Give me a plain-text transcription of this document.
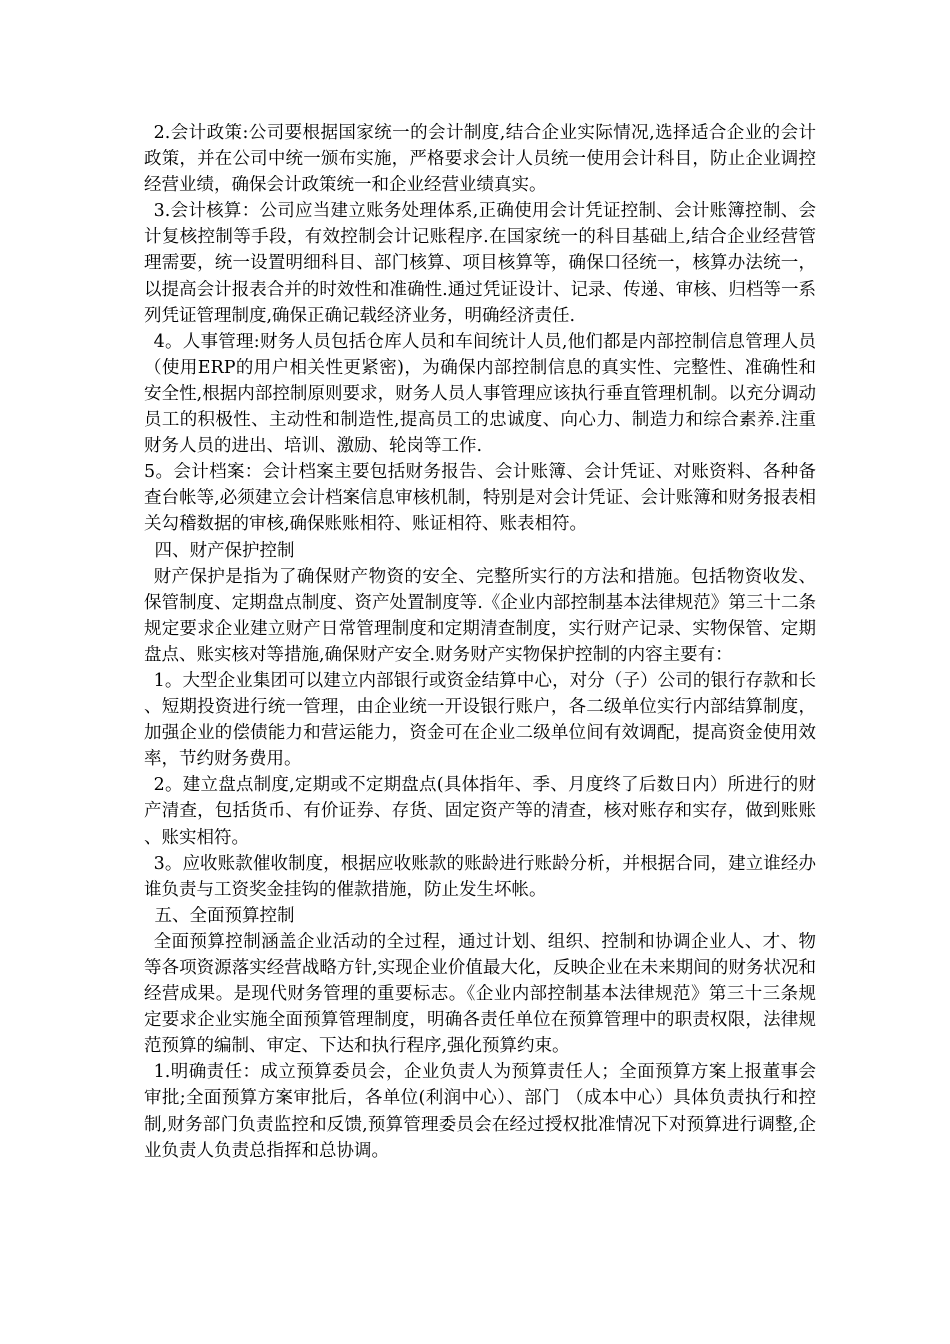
2.会计政策:公司要根据国家统一的会计制度,结合企业实际情况,选择适合企业的会计政策，并在公司中统一颁布实施，严格要求会计人员统一使用会计科目，防止企业调控经营业绩，确保会计政策统一和企业经营业绩真实。

3.会计核算：公司应当建立账务处理体系,正确使用会计凭证控制、会计账簿控制、会计复核控制等手段，有效控制会计记账程序.在国家统一的科目基础上,结合企业经营管理需要，统一设置明细科目、部门核算、项目核算等，确保口径统一，核算办法统一，以提高会计报表合并的时效性和准确性.通过凭证设计、记录、传递、审核、归档等一系列凭证管理制度,确保正确记载经济业务，明确经济责任.

4。人事管理:财务人员包括仓库人员和车间统计人员,他们都是内部控制信息管理人员（使用ERP的用户相关性更紧密)，为确保内部控制信息的真实性、完整性、准确性和安全性,根据内部控制原则要求，财务人员人事管理应该执行垂直管理机制。以充分调动员工的积极性、主动性和制造性,提高员工的忠诚度、向心力、制造力和综合素养.注重财务人员的进出、培训、激励、轮岗等工作.

5。会计档案：会计档案主要包括财务报告、会计账簿、会计凭证、对账资料、各种备查台帐等,必须建立会计档案信息审核机制，特别是对会计凭证、会计账簿和财务报表相关勾稽数据的审核,确保账账相符、账证相符、账表相符。

四、财产保护控制

财产保护是指为了确保财产物资的安全、完整所实行的方法和措施。包括物资收发、保管制度、定期盘点制度、资产处置制度等.《企业内部控制基本法律规范》第三十二条规定要求企业建立财产日常管理制度和定期清查制度，实行财产记录、实物保管、定期盘点、账实核对等措施,确保财产安全.财务财产实物保护控制的内容主要有：

1。大型企业集团可以建立内部银行或资金结算中心，对分（子）公司的银行存款和长、短期投资进行统一管理，由企业统一开设银行账户，各二级单位实行内部结算制度，加强企业的偿债能力和营运能力，资金可在企业二级单位间有效调配，提高资金使用效率，节约财务费用。

2。建立盘点制度,定期或不定期盘点(具体指年、季、月度终了后数日内）所进行的财产清查，包括货币、有价证券、存货、固定资产等的清查，核对账存和实存，做到账账、账实相符。

3。应收账款催收制度，根据应收账款的账龄进行账龄分析，并根据合同，建立谁经办谁负责与工资奖金挂钩的催款措施，防止发生坏帐。

五、全面预算控制

全面预算控制涵盖企业活动的全过程，通过计划、组织、控制和协调企业人、才、物等各项资源落实经营战略方针,实现企业价值最大化，反映企业在未来期间的财务状况和经营成果。是现代财务管理的重要标志。《企业内部控制基本法律规范》第三十三条规定要求企业实施全面预算管理制度，明确各责任单位在预算管理中的职责权限，法律规范预算的编制、审定、下达和执行程序,强化预算约束。

1.明确责任：成立预算委员会，企业负责人为预算责任人；全面预算方案上报董事会审批;全面预算方案审批后，各单位(利润中心）、部门 （成本中心）具体负责执行和控制,财务部门负责监控和反馈,预算管理委员会在经过授权批准情况下对预算进行调整,企业负责人负责总指挥和总协调。
